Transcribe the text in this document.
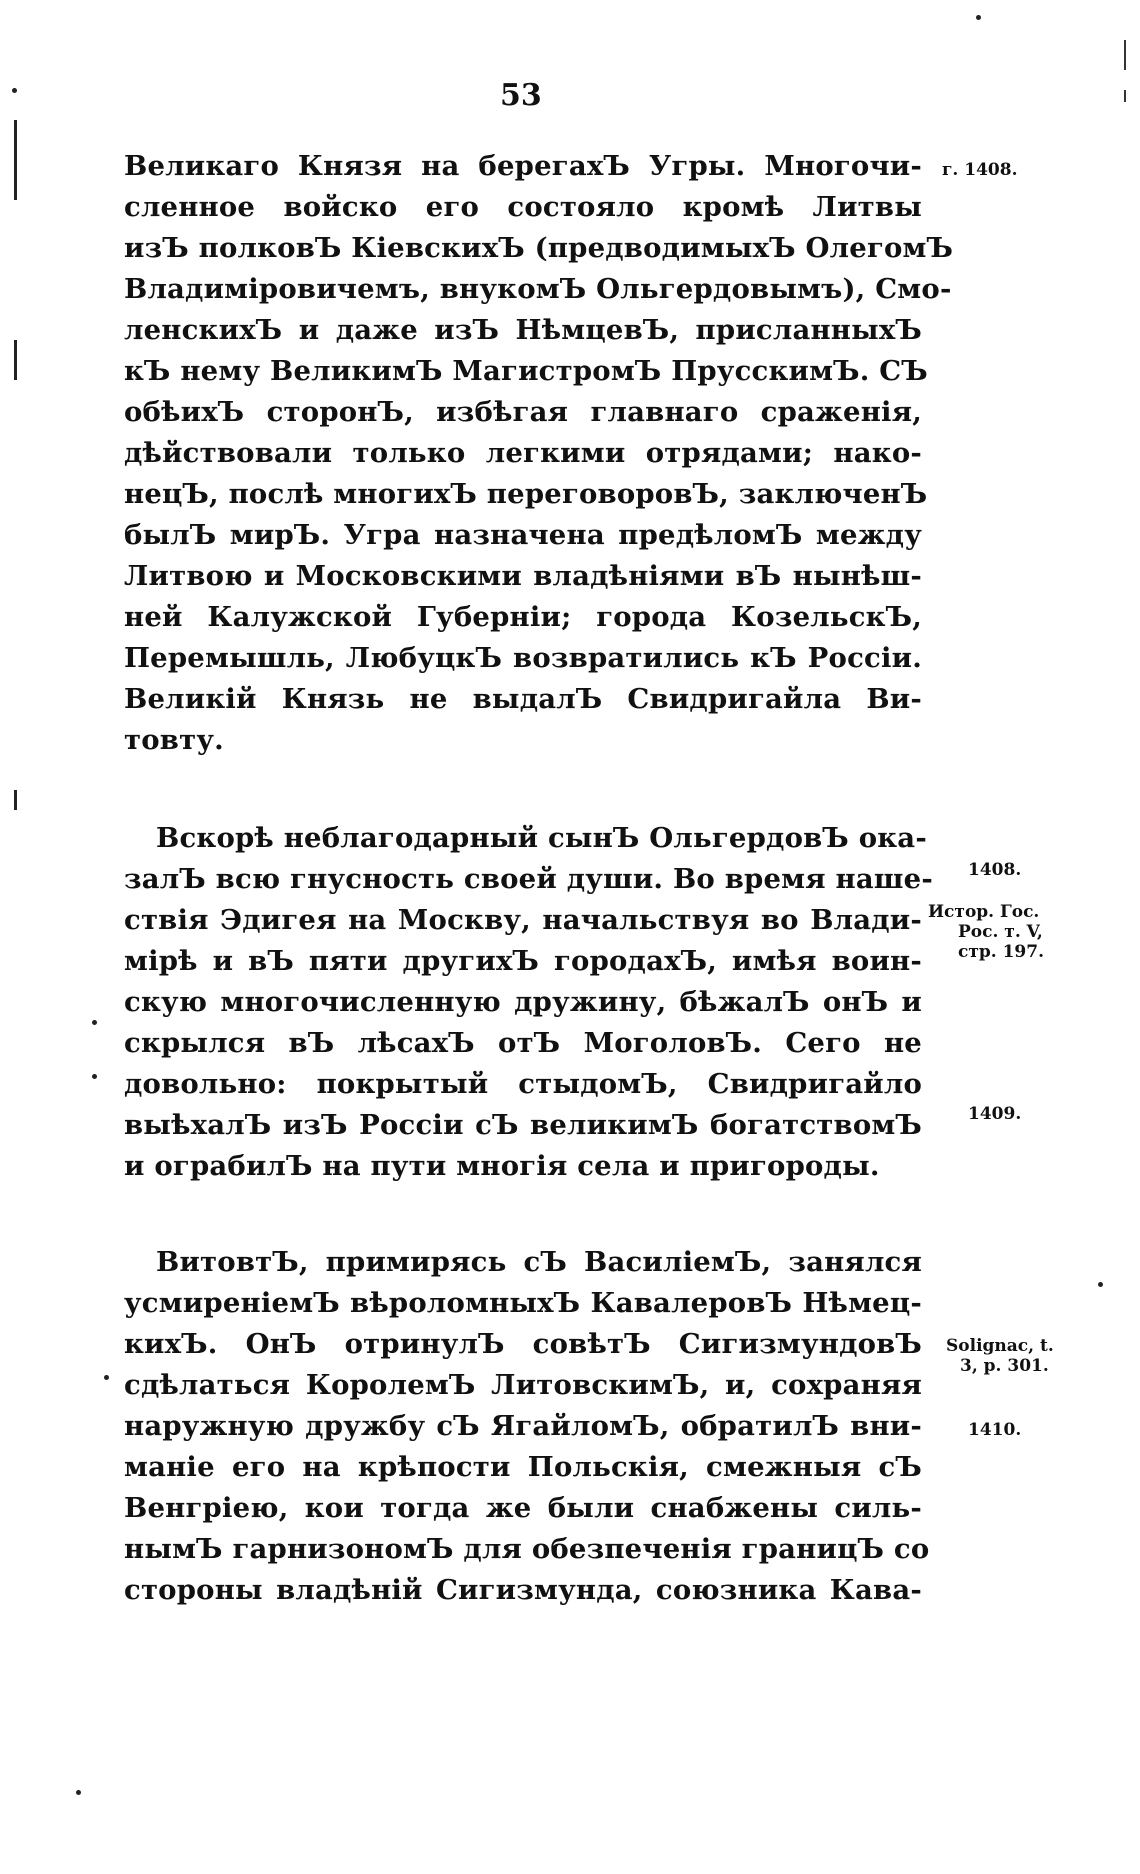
53
Великаго Князя на берегахЪ Угры. Многочи-
сленное войско его состояло кромѣ Литвы
изЪ полковЪ КіевскихЪ (предводимыхЪ ОлегомЪ
Владиміровичемъ, внукомЪ Ольгердовымъ), Смо-
ленскихЪ и даже изЪ НѣмцевЪ, присланныхЪ
кЪ нему ВеликимЪ МагистромЪ ПрусскимЪ. СЪ
обѣихЪ сторонЪ, избѣгая главнаго сраженія,
дѣйствовали только легкими отрядами; нако-
нецЪ, послѣ многихЪ переговоровЪ, заключенЪ
былЪ мирЪ. Угра назначена предѣломЪ между
Литвою и Московскими владѣніями вЪ нынѣш-
ней Калужской Губерніи; города КозельскЪ,
Перемышль, ЛюбуцкЪ возвратились кЪ Россіи.
Великій Князь не выдалЪ Свидригайла Ви-
товту.
Вскорѣ неблагодарный сынЪ ОльгердовЪ ока-
залЪ всю гнусность своей души. Во время наше-
ствія Эдигея на Москву, начальствуя во Влади-
мірѣ и вЪ пяти другихЪ городахЪ, имѣя воин-
скую многочисленную дружину, бѣжалЪ онЪ и
скрылся вЪ лѣсахЪ отЪ МоголовЪ. Сего не
довольно: покрытый стыдомЪ, Свидригайло
выѣхалЪ изЪ Россіи сЪ великимЪ богатствомЪ
и ограбилЪ на пути многія села и пригороды.
ВитовтЪ, примирясь сЪ ВасиліемЪ, занялся
усмиреніемЪ вѣроломныхЪ КавалеровЪ Нѣмец-
кихЪ. ОнЪ отринулЪ совѣтЪ СигизмундовЪ
сдѣлаться КоролемЪ ЛитовскимЪ, и, сохраняя
наружную дружбу сЪ ЯгайломЪ, обратилЪ вни-
маніе его на крѣпости Польскія, смежныя сЪ
Венгріею, кои тогда же были снабжены силь-
нымЪ гарнизономЪ для обезпеченія границЪ со
стороны владѣній Сигизмунда, союзника Кава-
г. 1408.
1408.
Истор. Гос.
Рос. т. V,
стр. 197.
1409.
Solignac, t.
3, p. 301.
1410.
